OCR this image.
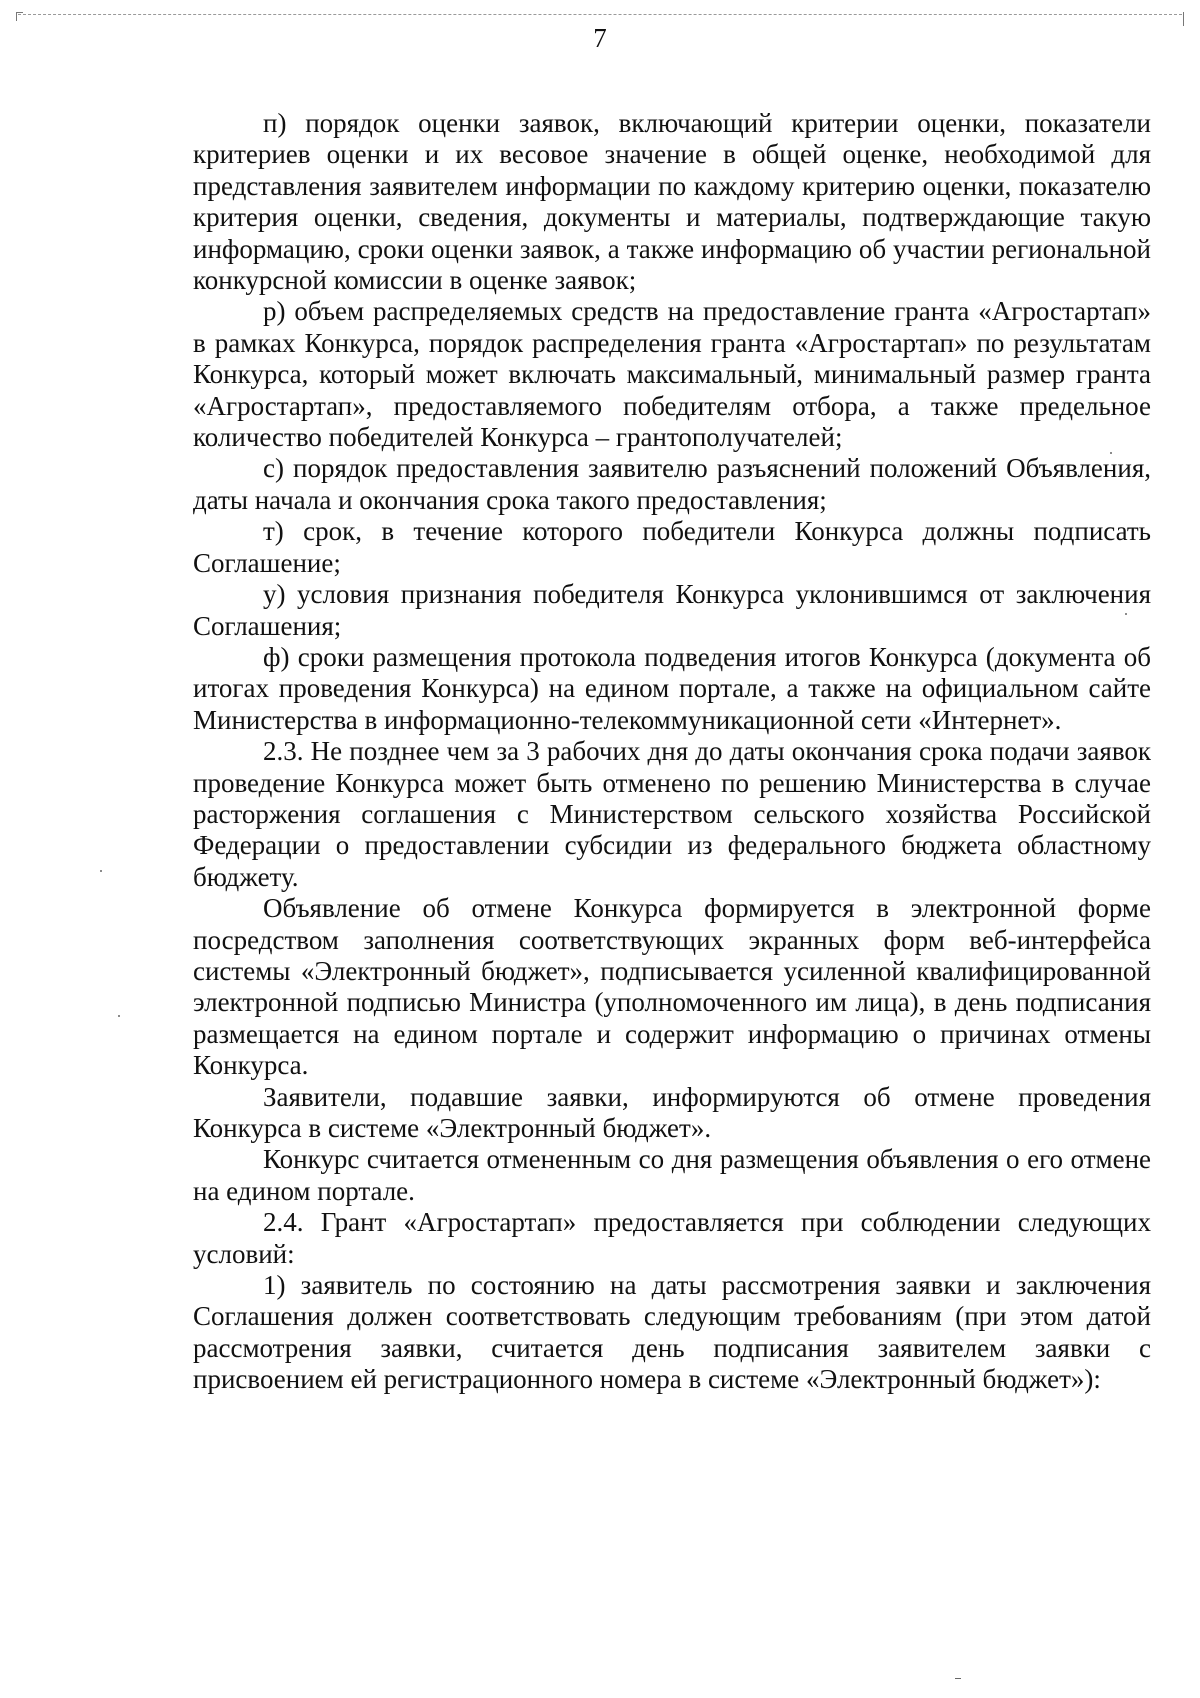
7

п) порядок оценки заявок, включающий критерии оценки, показатели критериев оценки и их весовое значение в общей оценке, необходимой для представления заявителем информации по каждому критерию оценки, показателю критерия оценки, сведения, документы и материалы, подтверждающие такую информацию, сроки оценки заявок, а также информацию об участии региональной конкурсной комиссии в оценке заявок;

р) объем распределяемых средств на предоставление гранта «Агростартап» в рамках Конкурса, порядок распределения гранта «Агростартап» по результатам Конкурса, который может включать максимальный, минимальный размер гранта «Агростартап», предоставляемого победителям отбора, а также предельное количество победителей Конкурса – грантополучателей;

с) порядок предоставления заявителю разъяснений положений Объявления, даты начала и окончания срока такого предоставления;

т) срок, в течение которого победители Конкурса должны подписать Соглашение;

у) условия признания победителя Конкурса уклонившимся от заключения Соглашения;

ф) сроки размещения протокола подведения итогов Конкурса (документа об итогах проведения Конкурса) на едином портале, а также на официальном сайте Министерства в информационно-телекоммуникационной сети «Интернет».

2.3. Не позднее чем за 3 рабочих дня до даты окончания срока подачи заявок проведение Конкурса может быть отменено по решению Министерства в случае расторжения соглашения с Министерством сельского хозяйства Российской Федерации о предоставлении субсидии из федерального бюджета областному бюджету.

Объявление об отмене Конкурса формируется в электронной форме посредством заполнения соответствующих экранных форм веб-интерфейса системы «Электронный бюджет», подписывается усиленной квалифицированной электронной подписью Министра (уполномоченного им лица), в день подписания размещается на едином портале и содержит информацию о причинах отмены Конкурса.

Заявители, подавшие заявки, информируются об отмене проведения Конкурса в системе «Электронный бюджет».

Конкурс считается отмененным со дня размещения объявления о его отмене на едином портале.

2.4. Грант «Агростартап» предоставляется при соблюдении следующих условий:

1) заявитель по состоянию на даты рассмотрения заявки и заключения Соглашения должен соответствовать следующим требованиям (при этом датой рассмотрения заявки, считается день подписания заявителем заявки с присвоением ей регистрационного номера в системе «Электронный бюджет»):
